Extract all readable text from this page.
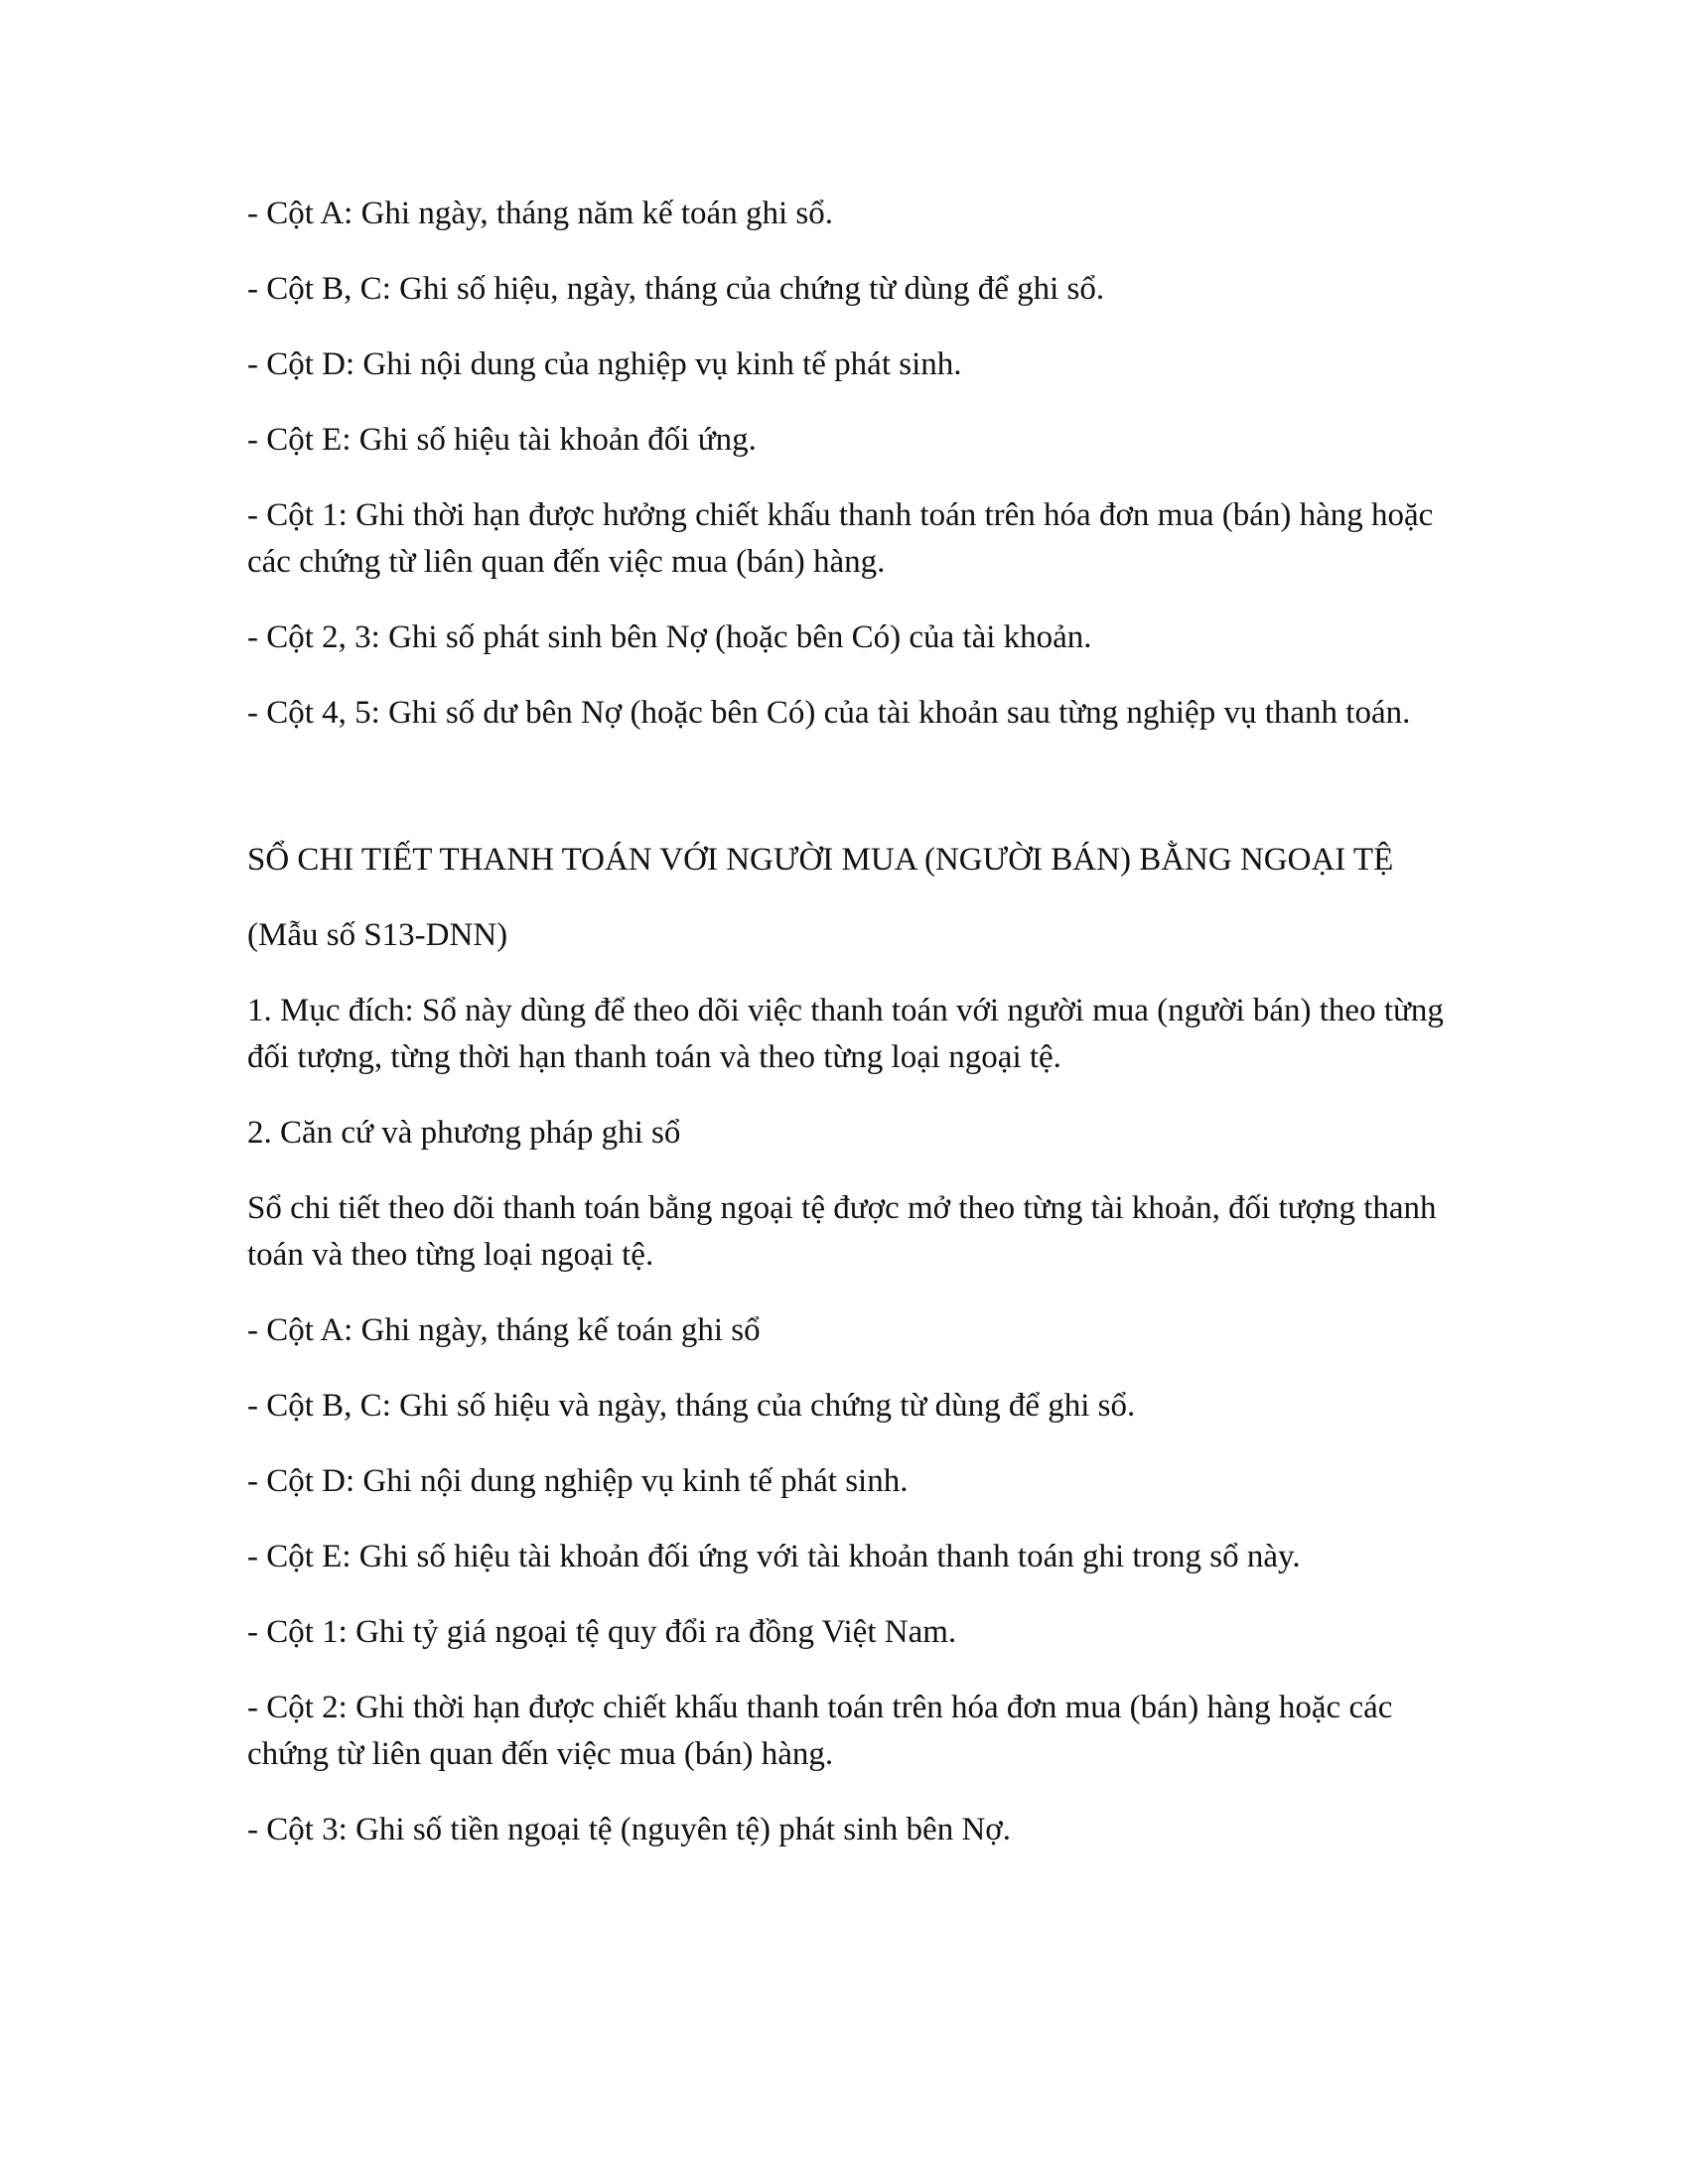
- Cột A: Ghi ngày, tháng năm kế toán ghi sổ.

- Cột B, C: Ghi số hiệu, ngày, tháng của chứng từ dùng để ghi sổ.

- Cột D: Ghi nội dung của nghiệp vụ kinh tế phát sinh.

- Cột E: Ghi số hiệu tài khoản đối ứng.

- Cột 1: Ghi thời hạn được hưởng chiết khấu thanh toán trên hóa đơn mua (bán) hàng hoặc các chứng từ liên quan đến việc mua (bán) hàng.

- Cột 2, 3: Ghi số phát sinh bên Nợ (hoặc bên Có) của tài khoản.

- Cột 4, 5: Ghi số dư bên Nợ (hoặc bên Có) của tài khoản sau từng nghiệp vụ thanh toán.

SỔ CHI TIẾT THANH TOÁN VỚI NGƯỜI MUA (NGƯỜI BÁN) BẰNG NGOẠI TỆ

(Mẫu số S13-DNN)

1. Mục đích: Sổ này dùng để theo dõi việc thanh toán với người mua (người bán) theo từng đối tượng, từng thời hạn thanh toán và theo từng loại ngoại tệ.

2. Căn cứ và phương pháp ghi sổ

Sổ chi tiết theo dõi thanh toán bằng ngoại tệ được mở theo từng tài khoản, đối tượng thanh toán và theo từng loại ngoại tệ.

- Cột A: Ghi ngày, tháng kế toán ghi sổ

- Cột B, C: Ghi số hiệu và ngày, tháng của chứng từ dùng để ghi sổ.

- Cột D: Ghi nội dung nghiệp vụ kinh tế phát sinh.

- Cột E: Ghi số hiệu tài khoản đối ứng với tài khoản thanh toán ghi trong sổ này.

- Cột 1: Ghi tỷ giá ngoại tệ quy đổi ra đồng Việt Nam.

- Cột 2: Ghi thời hạn được chiết khấu thanh toán trên hóa đơn mua (bán) hàng hoặc các chứng từ liên quan đến việc mua (bán) hàng.

- Cột 3: Ghi số tiền ngoại tệ (nguyên tệ) phát sinh bên Nợ.
